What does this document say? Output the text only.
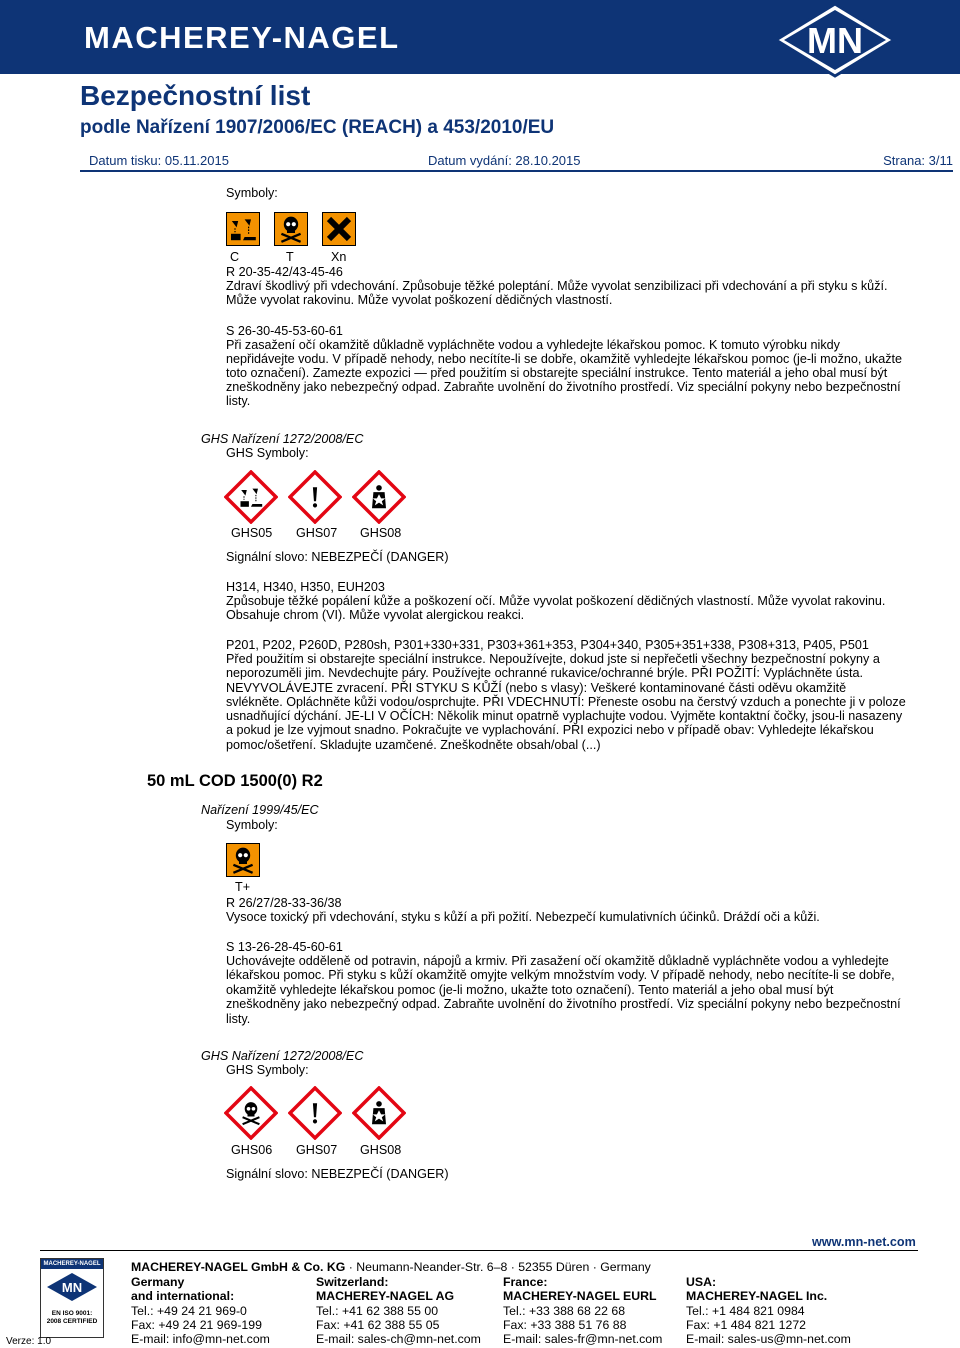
MACHEREY-NAGEL	MN
Bezpečnostní list
podle Nařízení 1907/2006/EC (REACH) a 453/2010/EU
Datum tisku: 05.11.2015	Datum vydání: 28.10.2015	Strana: 3/11
Symboly:
C	T	Xn
R 20-35-42/43-45-46
Zdraví škodlivý při vdechování. Způsobuje těžké poleptání. Může vyvolat senzibilizaci při vdechování a při styku s kůží.
Může vyvolat rakovinu. Může vyvolat poškození dědičných vlastností.
S 26-30-45-53-60-61
Při zasažení očí okamžitě důkladně vypláchněte vodou a vyhledejte lékařskou pomoc. K tomuto výrobku nikdy
nepřidávejte vodu. V případě nehody, nebo necítíte-li se dobře, okamžitě vyhledejte lékařskou pomoc (je-li možno, ukažte
toto označení). Zamezte expozici — před použitím si obstarejte speciální instrukce. Tento materiál a jeho obal musí být
zneškodněny jako nebezpečný odpad. Zabraňte uvolnění do životního prostředí. Viz speciální pokyny nebo bezpečnostní
listy.
GHS Nařízení 1272/2008/EC
GHS Symboly:
GHS05 GHS07 GHS08
Signální slovo: NEBEZPEČÍ (DANGER)
H314, H340, H350, EUH203
Způsobuje těžké popálení kůže a poškození očí. Může vyvolat poškození dědičných vlastností. Může vyvolat rakovinu.
Obsahuje chrom (VI). Může vyvolat alergickou reakci.
P201, P202, P260D, P280sh, P301+330+331, P303+361+353, P304+340, P305+351+338, P308+313, P405, P501
Před použitím si obstarejte speciální instrukce. Nepoužívejte, dokud jste si nepřečetli všechny bezpečnostní pokyny a
neporozuměli jim. Nevdechujte páry. Používejte ochranné rukavice/ochranné brýle. PŘI POŽITÍ: Vypláchněte ústa.
NEVYVOLÁVEJTE zvracení. PŘI STYKU S KŮŽÍ (nebo s vlasy): Veškeré kontaminované části oděvu okamžitě
svlékněte. Opláchněte kůži vodou/osprchujte. PŘI VDECHNUTÍ: Přeneste osobu na čerstvý vzduch a ponechte ji v poloze
usnadňující dýchání. JE-LI V OČÍCH: Několik minut opatrně vyplachujte vodou. Vyjměte kontaktní čočky, jsou-li nasazeny
a pokud je lze vyjmout snadno. Pokračujte ve vyplachování. PŘI expozici nebo v případě obav: Vyhledejte lékařskou
pomoc/ošetření. Skladujte uzamčené. Zneškodněte obsah/obal (...)
50 mL COD 1500(0) R2
Nařízení 1999/45/EC
Symboly:
T+
R 26/27/28-33-36/38
Vysoce toxický při vdechování, styku s kůží a při požití. Nebezpečí kumulativních účinků. Dráždí oči a kůži.
S 13-26-28-45-60-61
Uchovávejte odděleně od potravin, nápojů a krmiv. Při zasažení očí okamžitě důkladně vypláchněte vodou a vyhledejte
lékařskou pomoc. Při styku s kůží okamžitě omyjte velkým množstvím vody. V případě nehody, nebo necítíte-li se dobře,
okamžitě vyhledejte lékařskou pomoc (je-li možno, ukažte toto označení). Tento materiál a jeho obal musí být
zneškodněny jako nebezpečný odpad. Zabraňte uvolnění do životního prostředí. Viz speciální pokyny nebo bezpečnostní
listy.
GHS Nařízení 1272/2008/EC
GHS Symboly:
GHS06 GHS07 GHS08
Signální slovo: NEBEZPEČÍ (DANGER)
www.mn-net.com
MACHEREY-NAGEL
MN
EN ISO 9001: 2008 CERTIFIED
Verze: 1.0
MACHEREY-NAGEL GmbH & Co. KG · Neumann-Neander-Str. 6–8 · 52355 Düren · Germany
Germany
and international:
Tel.: +49 24 21 969-0
Fax: +49 24 21 969-199
E-mail: info@mn-net.com
Switzerland:
MACHEREY-NAGEL AG
Tel.: +41 62 388 55 00
Fax: +41 62 388 55 05
E-mail: sales-ch@mn-net.com
France:
MACHEREY-NAGEL EURL
Tel.: +33 388 68 22 68
Fax: +33 388 51 76 88
E-mail: sales-fr@mn-net.com
USA:
MACHEREY-NAGEL Inc.
Tel.: +1 484 821 0984
Fax: +1 484 821 1272
E-mail: sales-us@mn-net.com
